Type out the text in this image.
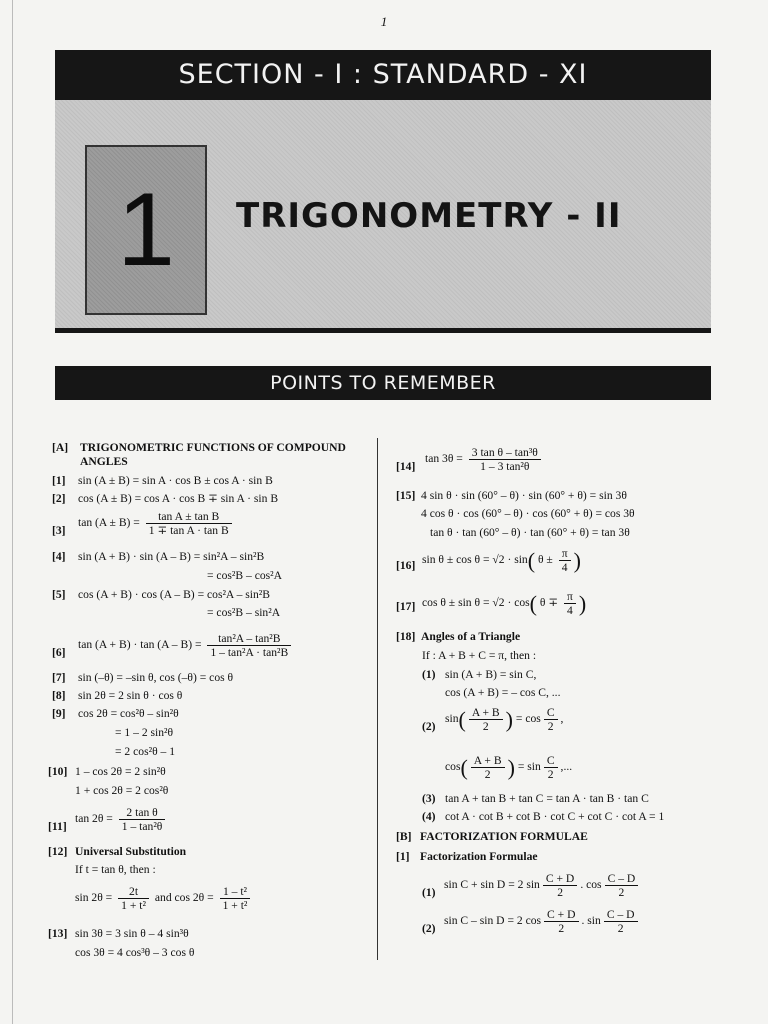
1
SECTION - I : STANDARD - XI
1	TRIGONOMETRY - II
POINTS TO REMEMBER
[A] TRIGONOMETRIC FUNCTIONS OF COMPOUND
ANGLES
[1] sin (A ± B) = sin A · cos B ± cos A · sin B
[2] cos (A ± B) = cos A · cos B ∓ sin A · sin B
[3]
$\tan (A \pm B) = \frac{\text{tan A ± tan B}}{\text{1 ∓ tan A · tan B}}$
[4] sin (A + B) · sin (A – B) = sin²A – sin²B
= cos²B – cos²A
[5] cos (A + B) · cos (A – B) = cos²A – sin²B
= cos²B – sin²A
[6]
$\tan (A + B) \cdot \tan (A - B) = \frac{\text{tan²A – tan²B}}{\text{1 – tan²A · tan²B}}$
[7] sin (–θ) = –sin θ, cos (–θ) = cos θ
[8] sin 2θ = 2 sin θ · cos θ
[9] cos 2θ = cos²θ – sin²θ
= 1 – 2 sin²θ
= 2 cos²θ – 1
[10] 1 – cos 2θ = 2 sin²θ
1 + cos 2θ = 2 cos²θ
[11]
$\tan 2\theta = \frac{\text{2 tan θ}}{\text{1 – tan²θ}}$
[12] Universal Substitution
If t = tan θ, then :
$\sin 2\theta = \frac{2t}{\text{1 + t²}}$ and $\cos 2\theta = \frac{\text{1 – t²}}{\text{1 + t²}}$
[13] sin 3θ = 3 sin θ – 4 sin³θ
cos 3θ = 4 cos³θ – 3 cos θ
[14]
$\tan 3\theta = \frac{\text{3 tan θ – tan³θ}}{\text{1 – 3 tan²θ}}$
[15] 4 sin θ · sin (60° – θ) · sin (60° + θ) = sin 3θ
4 cos θ · cos (60° – θ) · cos (60° + θ) = cos 3θ
tan θ · tan (60° – θ) · tan (60° + θ) = tan 3θ
[16] sin θ ± cos θ = √2 · sin( $\theta \pm \frac{\pi}{4}$ )
[17] cos θ ± sin θ = √2 · cos( $\theta \mp \frac{\pi}{4}$ )
[18] Angles of a Triangle
If : A + B + C = π, then :
(1) sin (A + B) = sin C,
cos (A + B) = – cos C, ...
(2)
$\sin( \frac{A + B}{2}$ ) = $\cos \frac{C}{2}$ ,
$\cos( \frac{A + B}{2}$ ) = $\sin \frac{C}{2}$ ,...
(3) tan A + tan B + tan C = tan A · tan B · tan C
(4) cot A · cot B + cot B · cot C + cot C · cot A = 1
[B] FACTORIZATION FORMULAE
[1] Factorization Formulae
(1)
sin C + sin D = 2 $\sin \frac{C + D}{2}$ . $\cos \frac{C - D}{2}$
(2)
sin C – sin D = 2 $\cos \frac{C + D}{2}$ . $\sin \frac{C - D}{2}$
